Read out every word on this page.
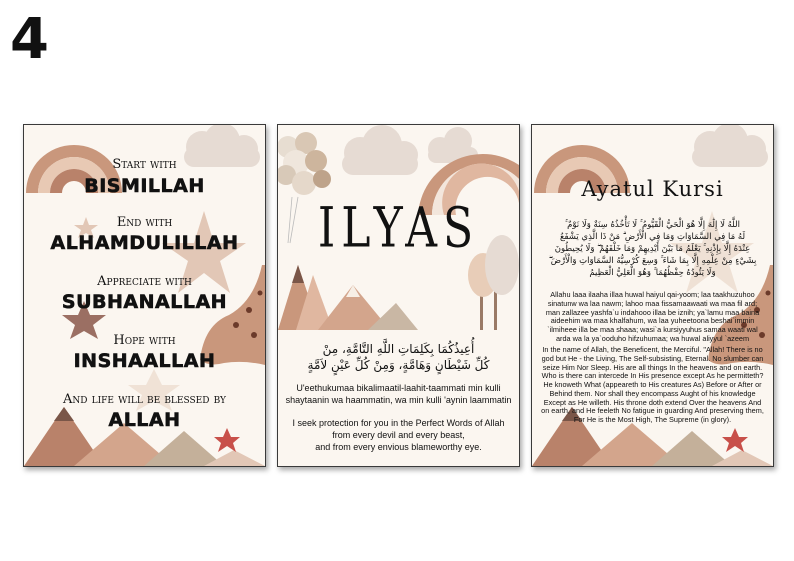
4
Start with
BISMILLAH
End with
ALHAMDULILLAH
Appreciate with
SUBHANALLAH
Hope with
INSHAALLAH
And life will be blessed by
ALLAH
ILYAS
أُعِيذُكُمَا بِكَلِمَاتِ اللَّهِ التَّامَّةِ، مِنْ
كُلِّ شَيْطَانٍ وَهَامَّةٍ، وَمِنْ كُلِّ عَيْنٍ لاَمَّةٍ
U'eethukumaa bikalimaatil-laahit-taammati min kulli
shaytaanin wa haammatin, wa min kulli 'aynin laammatin
I seek protection for you in the Perfect Words of Allah
from every devil and every beast,
and from every envious blameworthy eye.
Ayatul Kursi
اللَّهُ لَا إِلَٰهَ إِلَّا هُوَ الْحَيُّ الْقَيُّومُ ۚ لَا تَأْخُذُهُ سِنَةٌ وَلَا نَوْمٌ ۚ
لَهُ مَا فِي السَّمَاوَاتِ وَمَا فِي الْأَرْضِ ۗ مَنْ ذَا الَّذِي يَشْفَعُ
عِنْدَهُ إِلَّا بِإِذْنِهِ ۚ يَعْلَمُ مَا بَيْنَ أَيْدِيهِمْ وَمَا خَلْفَهُمْ ۖ وَلَا يُحِيطُونَ
بِشَيْءٍ مِنْ عِلْمِهِ إِلَّا بِمَا شَاءَ ۚ وَسِعَ كُرْسِيُّهُ السَّمَاوَاتِ وَالْأَرْضَ ۖ
وَلَا يَئُودُهُ حِفْظُهُمَا ۚ وَهُوَ الْعَلِيُّ الْعَظِيمُ
Allahu laaa ilaaha illaa huwal haiyul qai-yoom; laa taakhuzuhoo sinatunw wa laa nawm; lahoo maa fissamaawaati wa maa fil ard; man zallazee yashfa`u indahooo illaa be iznih; ya`lamu maa baina aideehim wa maa khalfahum, wa laa yuheetoona beshai`immin `ilmiheee illa be maa shaaa; wasi`a kursiyyuhus samaa waati wal arda wa la ya`ooduho hifzuhumaa; wa huwal aliyyul `azeem
In the name of Allah, the Beneficent, the Merciful. "Allah! There is no god but He - the Living, The Self-subsisting, Eternal. No slumber can seize Him Nor Sleep. His are all things In the heavens and on earth. Who is there can intercede In His presence except As he permitteth? He knoweth What (appeareth to His creatures As) Before or After or Behind them. Nor shall they encompass Aught of his knowledge Except as He willeth. His throne doth extend Over the heavens And on earth, and He feeleth No fatigue in guarding And preserving them, For He is the Most High, The Supreme (in glory).
